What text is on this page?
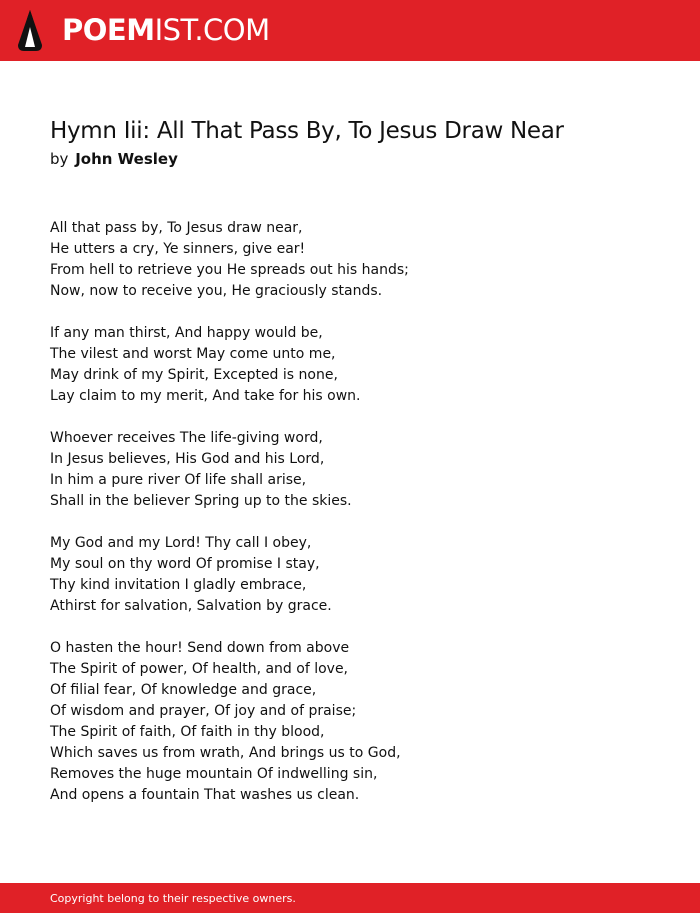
POEMIST.COM
Hymn Iii: All That Pass By, To Jesus Draw Near
by John Wesley
All that pass by, To Jesus draw near,
He utters a cry, Ye sinners, give ear!
From hell to retrieve you He spreads out his hands;
Now, now to receive you, He graciously stands.
If any man thirst, And happy would be,
The vilest and worst May come unto me,
May drink of my Spirit, Excepted is none,
Lay claim to my merit, And take for his own.
Whoever receives The life-giving word,
In Jesus believes, His God and his Lord,
In him a pure river Of life shall arise,
Shall in the believer Spring up to the skies.
My God and my Lord! Thy call I obey,
My soul on thy word Of promise I stay,
Thy kind invitation I gladly embrace,
Athirst for salvation, Salvation by grace.
O hasten the hour! Send down from above
The Spirit of power, Of health, and of love,
Of filial fear, Of knowledge and grace,
Of wisdom and prayer, Of joy and of praise;
The Spirit of faith, Of faith in thy blood,
Which saves us from wrath, And brings us to God,
Removes the huge mountain Of indwelling sin,
And opens a fountain That washes us clean.
Copyright belong to their respective owners.
